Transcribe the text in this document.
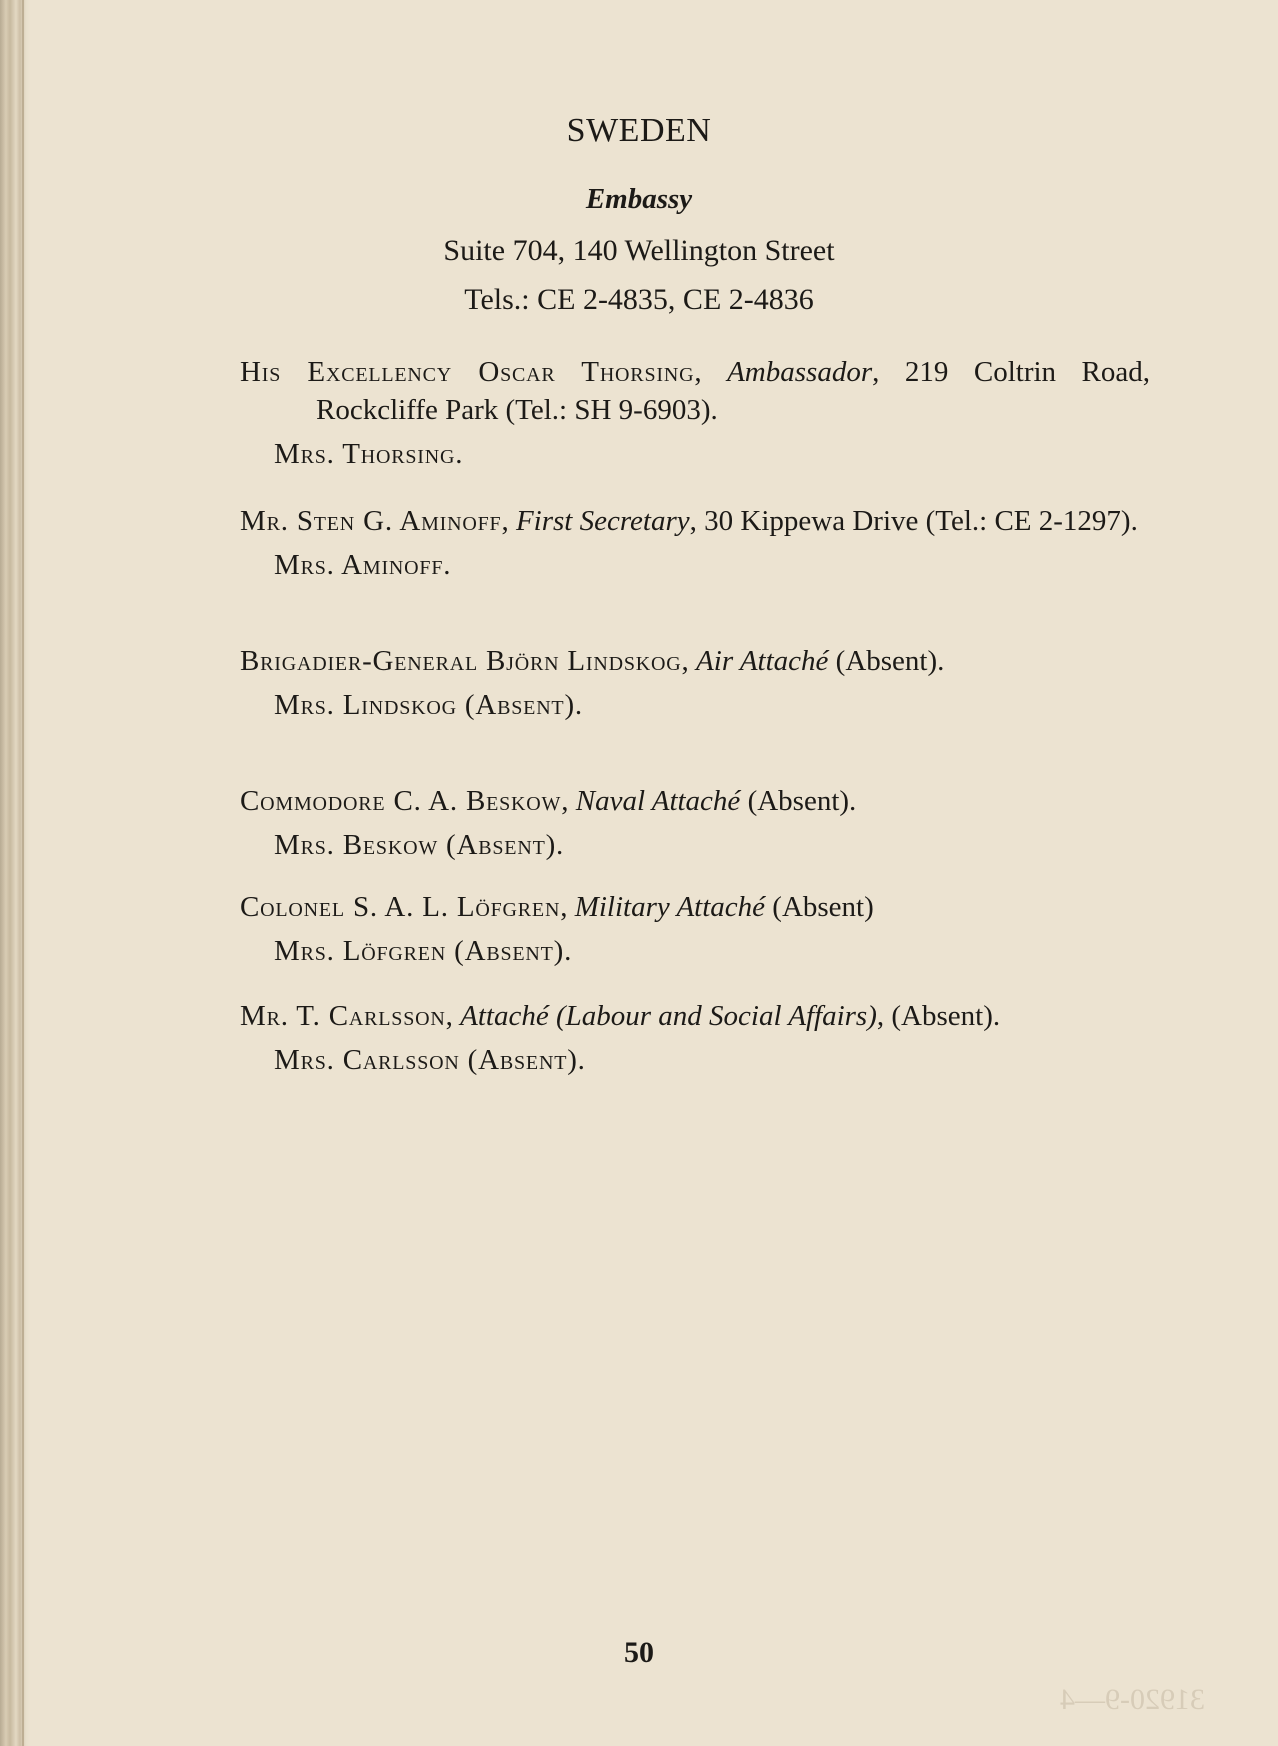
31920-9—4
SWEDEN
Embassy
Suite 704, 140 Wellington Street
Tels.: CE 2-4835, CE 2-4836

His Excellency Oscar Thorsing, Ambassador, 219 Coltrin Road, Rockcliffe Park (Tel.: SH 9-6903).

Mrs. Thorsing.

Mr. Sten G. Aminoff, First Secretary, 30 Kippewa Drive (Tel.: CE 2-1297).

Mrs. Aminoff.

Brigadier-General Björn Lindskog, Air Attaché (Absent).

Mrs. Lindskog (Absent).

Commodore C. A. Beskow, Naval Attaché (Absent).

Mrs. Beskow (Absent).

Colonel S. A. L. Löfgren, Military Attaché (Absent)

Mrs. Löfgren (Absent).

Mr. T. Carlsson, Attaché (Labour and Social Affairs), (Absent).

Mrs. Carlsson (Absent).
50
